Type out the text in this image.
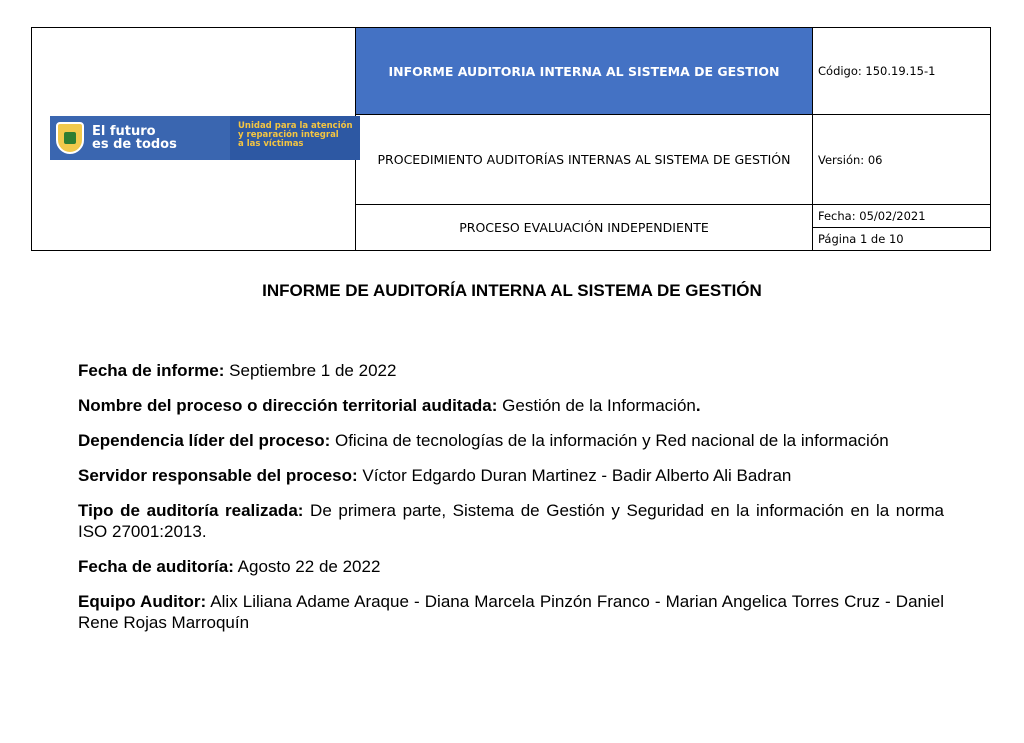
El futuro
es de todos
Unidad para la atención
y reparación integral
a las víctimas	INFORME AUDITORIA INTERNA AL SISTEMA DE GESTION	Código: 150.19.15-1
	PROCEDIMIENTO AUDITORÍAS INTERNAS AL SISTEMA DE GESTIÓN	Versión: 06
	PROCESO EVALUACIÓN INDEPENDIENTE	Fecha: 05/02/2021
		Página 1 de 10
INFORME DE AUDITORÍA INTERNA AL SISTEMA DE GESTIÓN

Fecha de informe: Septiembre 1 de 2022

Nombre del proceso o dirección territorial auditada: Gestión de la Información.

Dependencia líder del proceso: Oficina de tecnologías de la información y Red nacional de la información

Servidor responsable del proceso: Víctor Edgardo Duran Martinez - Badir Alberto Ali Badran

Tipo de auditoría realizada: De primera parte, Sistema de Gestión y Seguridad en la información en la norma ISO 27001:2013.

Fecha de auditoría: Agosto 22 de 2022

Equipo Auditor: Alix Liliana Adame Araque - Diana Marcela Pinzón Franco - Marian Angelica Torres Cruz - Daniel Rene Rojas Marroquín
